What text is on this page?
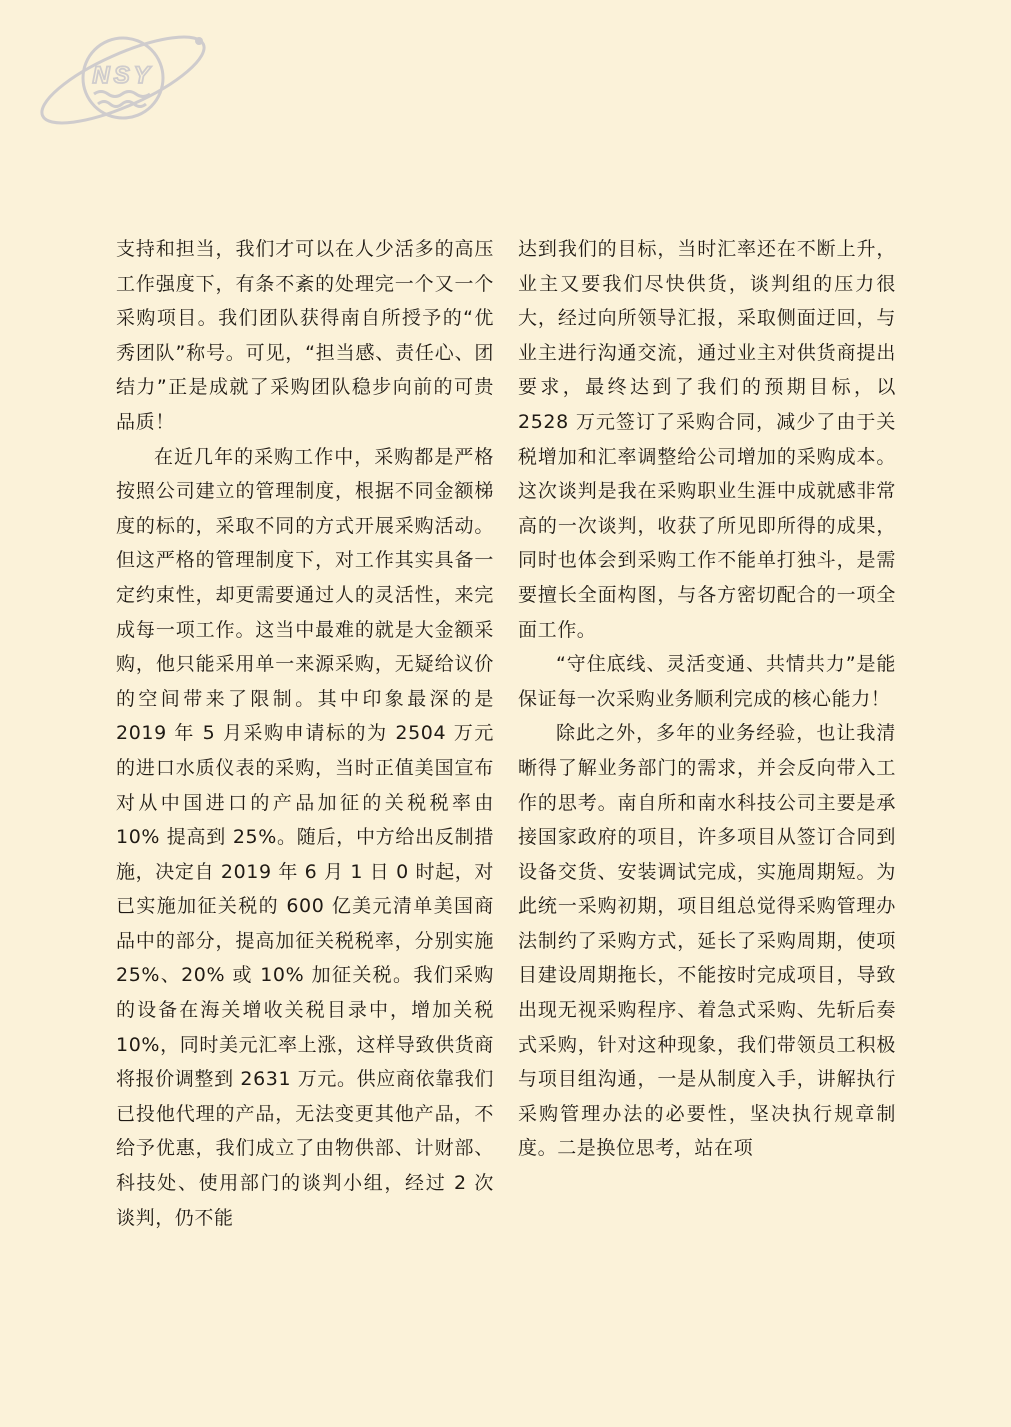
NSY

支持和担当，我们才可以在人少活多的高压工作强度下，有条不紊的处理完一个又一个采购项目。我们团队获得南自所授予的“优秀团队”称号。可见，“担当感、责任心、团结力”正是成就了采购团队稳步向前的可贵品质！

在近几年的采购工作中，采购都是严格按照公司建立的管理制度，根据不同金额梯度的标的，采取不同的方式开展采购活动。但这严格的管理制度下，对工作其实具备一定约束性，却更需要通过人的灵活性，来完成每一项工作。这当中最难的就是大金额采购，他只能采用单一来源采购，无疑给议价的空间带来了限制。其中印象最深的是 2019 年 5 月采购申请标的为 2504 万元的进口水质仪表的采购，当时正值美国宣布对从中国进口的产品加征的关税税率由 10% 提高到 25%。随后，中方给出反制措施，决定自 2019 年 6 月 1 日 0 时起，对已实施加征关税的 600 亿美元清单美国商品中的部分，提高加征关税税率，分别实施 25%、20% 或 10% 加征关税。我们采购的设备在海关增收关税目录中，增加关税 10%，同时美元汇率上涨，这样导致供货商将报价调整到 2631 万元。供应商依靠我们已投他代理的产品，无法变更其他产品，不给予优惠，我们成立了由物供部、计财部、科技处、使用部门的谈判小组，经过 2 次谈判，仍不能

达到我们的目标，当时汇率还在不断上升，业主又要我们尽快供货，谈判组的压力很大，经过向所领导汇报，采取侧面迂回，与业主进行沟通交流，通过业主对供货商提出要求，最终达到了我们的预期目标，以 2528 万元签订了采购合同，减少了由于关税增加和汇率调整给公司增加的采购成本。这次谈判是我在采购职业生涯中成就感非常高的一次谈判，收获了所见即所得的成果，同时也体会到采购工作不能单打独斗，是需要擅长全面构图，与各方密切配合的一项全面工作。

“守住底线、灵活变通、共情共力”是能保证每一次采购业务顺利完成的核心能力！

除此之外，多年的业务经验，也让我清晰得了解业务部门的需求，并会反向带入工作的思考。南自所和南水科技公司主要是承接国家政府的项目，许多项目从签订合同到设备交货、安装调试完成，实施周期短。为此统一采购初期，项目组总觉得采购管理办法制约了采购方式，延长了采购周期，使项目建设周期拖长，不能按时完成项目，导致出现无视采购程序、着急式采购、先斩后奏式采购，针对这种现象，我们带领员工积极与项目组沟通，一是从制度入手，讲解执行采购管理办法的必要性，坚决执行规章制度。二是换位思考，站在项
